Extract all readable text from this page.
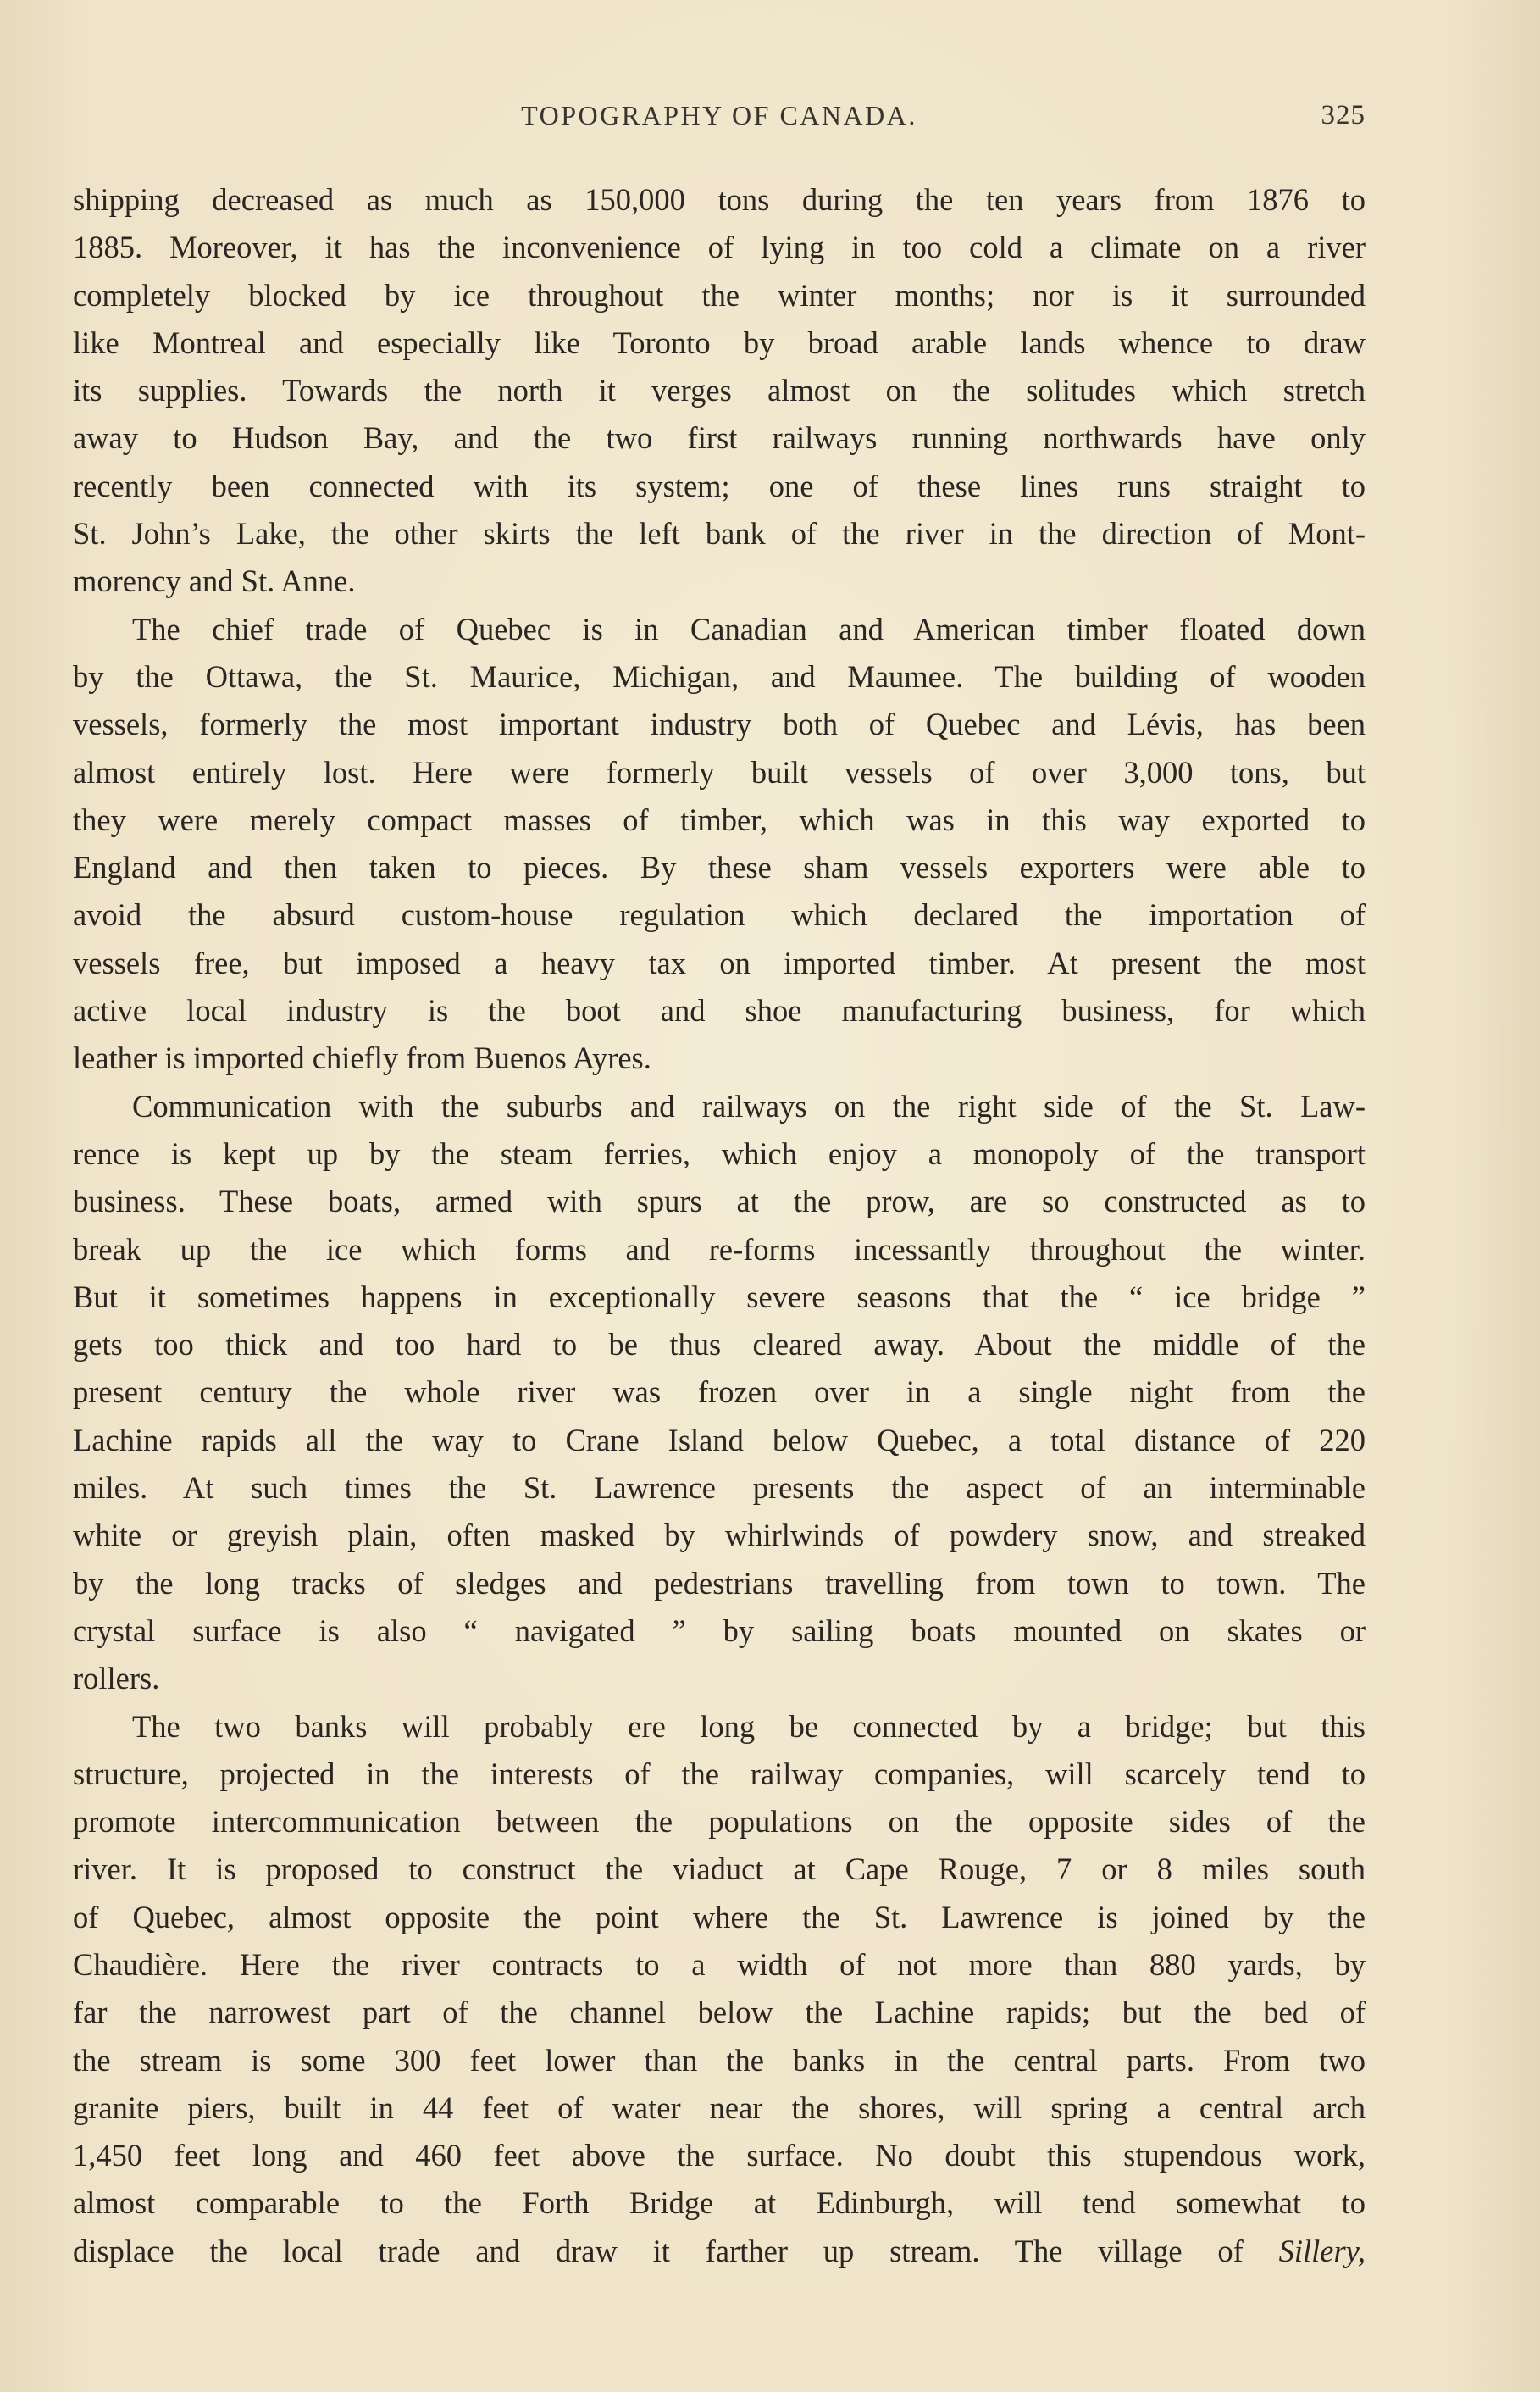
TOPOGRAPHY OF CANADA.	325
shipping decreased as much as 150,000 tons during the ten years from 1876 to
1885. Moreover, it has the inconvenience of lying in too cold a climate on a river
completely blocked by ice throughout the winter months; nor is it surrounded
like Montreal and especially like Toronto by broad arable lands whence to draw
its supplies. Towards the north it verges almost on the solitudes which stretch
away to Hudson Bay, and the two first railways running northwards have only
recently been connected with its system; one of these lines runs straight to
St. John’s Lake, the other skirts the left bank of the river in the direction of Mont-
morency and St. Anne.
The chief trade of Quebec is in Canadian and American timber floated down
by the Ottawa, the St. Maurice, Michigan, and Maumee. The building of wooden
vessels, formerly the most important industry both of Quebec and Lévis, has been
almost entirely lost. Here were formerly built vessels of over 3,000 tons, but
they were merely compact masses of timber, which was in this way exported to
England and then taken to pieces. By these sham vessels exporters were able to
avoid the absurd custom-house regulation which declared the importation of
vessels free, but imposed a heavy tax on imported timber. At present the most
active local industry is the boot and shoe manufacturing business, for which
leather is imported chiefly from Buenos Ayres.
Communication with the suburbs and railways on the right side of the St. Law-
rence is kept up by the steam ferries, which enjoy a monopoly of the transport
business. These boats, armed with spurs at the prow, are so constructed as to
break up the ice which forms and re-forms incessantly throughout the winter.
But it sometimes happens in exceptionally severe seasons that the “ ice bridge ”
gets too thick and too hard to be thus cleared away. About the middle of the
present century the whole river was frozen over in a single night from the
Lachine rapids all the way to Crane Island below Quebec, a total distance of 220
miles. At such times the St. Lawrence presents the aspect of an interminable
white or greyish plain, often masked by whirlwinds of powdery snow, and streaked
by the long tracks of sledges and pedestrians travelling from town to town. The
crystal surface is also “ navigated ” by sailing boats mounted on skates or
rollers.
The two banks will probably ere long be connected by a bridge; but this
structure, projected in the interests of the railway companies, will scarcely tend to
promote intercommunication between the populations on the opposite sides of the
river. It is proposed to construct the viaduct at Cape Rouge, 7 or 8 miles south
of Quebec, almost opposite the point where the St. Lawrence is joined by the
Chaudière. Here the river contracts to a width of not more than 880 yards, by
far the narrowest part of the channel below the Lachine rapids; but the bed of
the stream is some 300 feet lower than the banks in the central parts. From two
granite piers, built in 44 feet of water near the shores, will spring a central arch
1,450 feet long and 460 feet above the surface. No doubt this stupendous work,
almost comparable to the Forth Bridge at Edinburgh, will tend somewhat to
displace the local trade and draw it farther up stream. The village of Sillery,
